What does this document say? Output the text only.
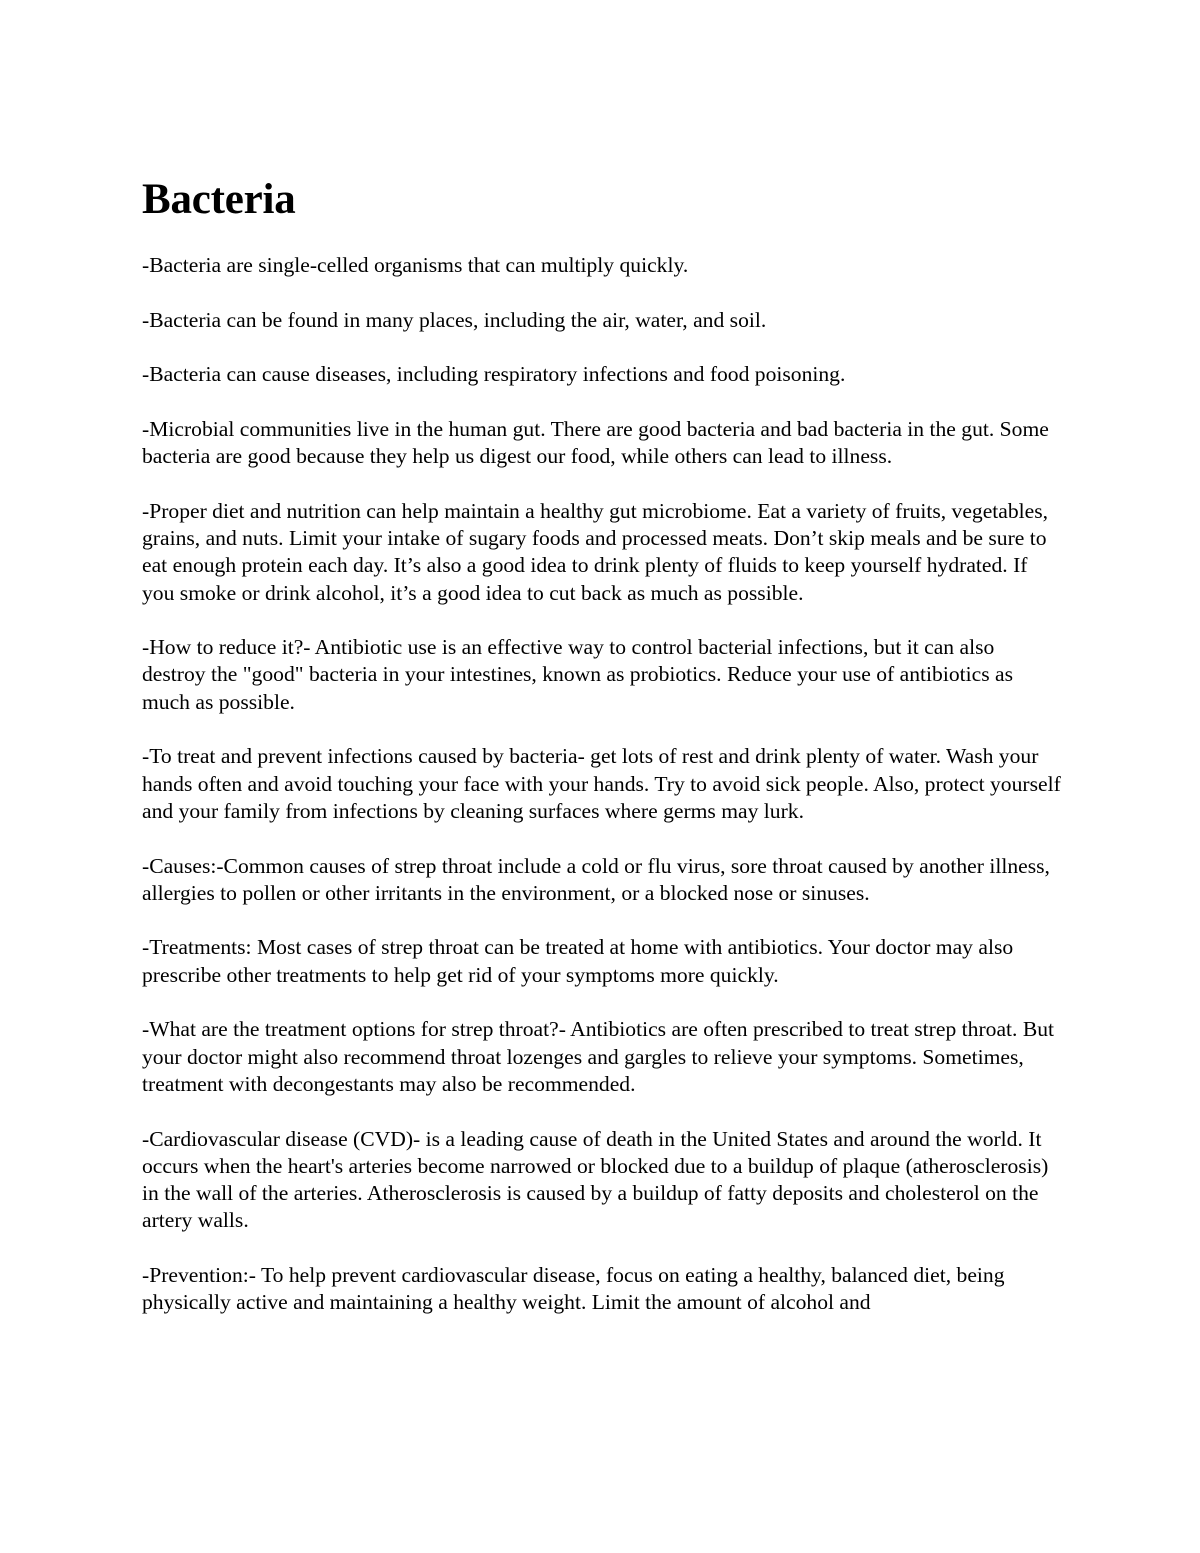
Bacteria

-Bacteria are single-celled organisms that can multiply quickly.

-Bacteria can be found in many places, including the air, water, and soil.

-Bacteria can cause diseases, including respiratory infections and food poisoning.

-Microbial communities live in the human gut. There are good bacteria and bad bacteria in the gut. Some bacteria are good because they help us digest our food, while others can lead to illness.

-Proper diet and nutrition can help maintain a healthy gut microbiome. Eat a variety of fruits, vegetables, grains, and nuts. Limit your intake of sugary foods and processed meats. Don’t skip meals and be sure to eat enough protein each day. It’s also a good idea to drink plenty of fluids to keep yourself hydrated. If you smoke or drink alcohol, it’s a good idea to cut back as much as possible.

-How to reduce it?- Antibiotic use is an effective way to control bacterial infections, but it can also destroy the "good" bacteria in your intestines, known as probiotics. Reduce your use of antibiotics as much as possible.

-To treat and prevent infections caused by bacteria- get lots of rest and drink plenty of water. Wash your hands often and avoid touching your face with your hands. Try to avoid sick people. Also, protect yourself and your family from infections by cleaning surfaces where germs may lurk.

-Causes:-Common causes of strep throat include a cold or flu virus, sore throat caused by another illness, allergies to pollen or other irritants in the environment, or a blocked nose or sinuses.

-Treatments: Most cases of strep throat can be treated at home with antibiotics. Your doctor may also prescribe other treatments to help get rid of your symptoms more quickly.

-What are the treatment options for strep throat?- Antibiotics are often prescribed to treat strep throat. But your doctor might also recommend throat lozenges and gargles to relieve your symptoms. Sometimes, treatment with decongestants may also be recommended.

-Cardiovascular disease (CVD)- is a leading cause of death in the United States and around the world. It occurs when the heart's arteries become narrowed or blocked due to a buildup of plaque (atherosclerosis) in the wall of the arteries. Atherosclerosis is caused by a buildup of fatty deposits and cholesterol on the artery walls.

-Prevention:- To help prevent cardiovascular disease, focus on eating a healthy, balanced diet, being physically active and maintaining a healthy weight. Limit the amount of alcohol and
